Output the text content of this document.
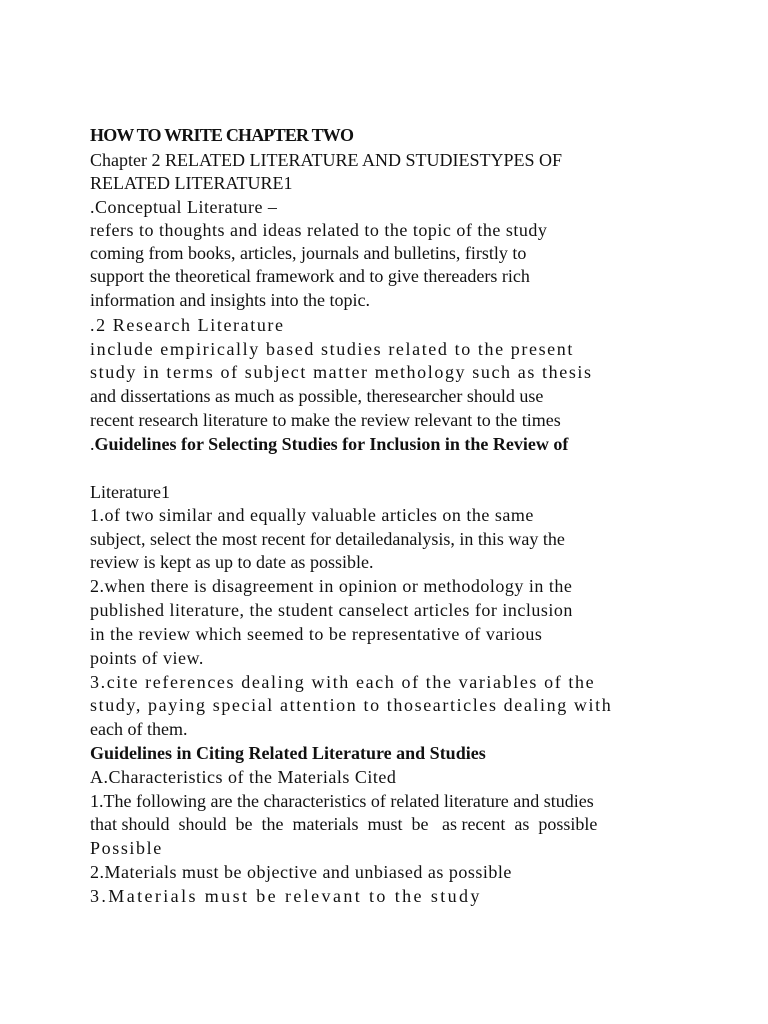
HOW TO WRITE CHAPTER TWO
Chapter 2 RELATED LITERATURE AND STUDIESTYPES OF
RELATED LITERATURE1
.Conceptual Literature –
refers to thoughts and ideas related to the topic of the study
coming from books, articles, journals and bulletins, firstly to
support the theoretical framework and to give thereaders rich
information and insights into the topic.
.2 Research Literature
include empirically based studies related to the present
study in terms of subject matter methology such as thesis
and dissertations as much as possible, theresearcher should use
recent research literature to make the review relevant to the times
.Guidelines for Selecting Studies for Inclusion in the Review of
Literature1
1.of two similar and equally valuable articles on the same
subject, select the most recent for detailedanalysis, in this way the
review is kept as up to date as possible.
2.when there is disagreement in opinion or methodology in the
published literature, the student canselect articles for inclusion
in the review which seemed to be representative of various
points of view.
3.cite references dealing with each of the variables of the
study, paying special attention to thosearticles dealing with
each of them.
Guidelines in Citing Related Literature and Studies
A.Characteristics of the Materials Cited
1.The following are the characteristics of related literature and studies
that should  should  be  the  materials  must  be   as recent  as  possible
Possible
2.Materials must be objective and unbiased as possible
3.Materials must be relevant to the study
